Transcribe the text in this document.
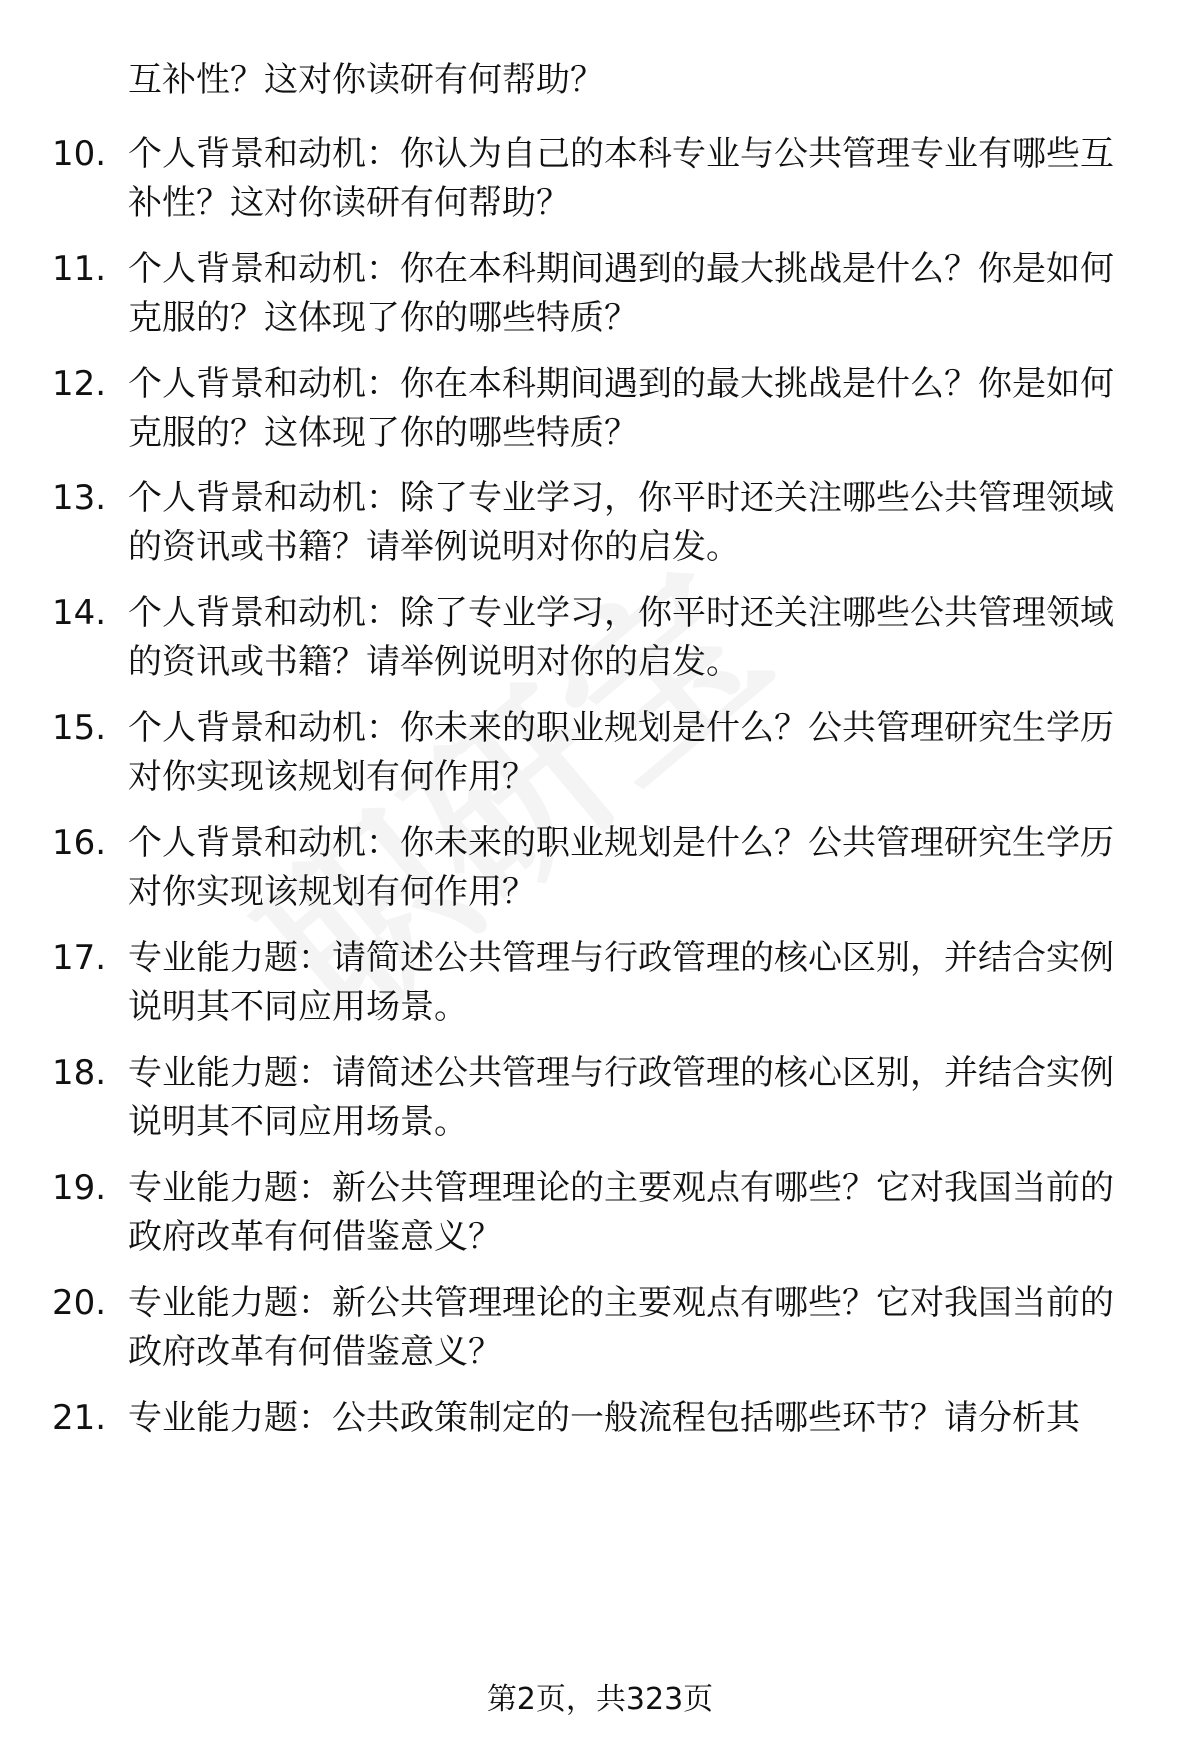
互补性？这对你读研有何帮助？
10. 个人背景和动机：你认为自己的本科专业与公共管理专业有哪些互补性？这对你读研有何帮助？
11. 个人背景和动机：你在本科期间遇到的最大挑战是什么？你是如何克服的？这体现了你的哪些特质？
12. 个人背景和动机：你在本科期间遇到的最大挑战是什么？你是如何克服的？这体现了你的哪些特质？
13. 个人背景和动机：除了专业学习，你平时还关注哪些公共管理领域的资讯或书籍？请举例说明对你的启发。
14. 个人背景和动机：除了专业学习，你平时还关注哪些公共管理领域的资讯或书籍？请举例说明对你的启发。
15. 个人背景和动机：你未来的职业规划是什么？公共管理研究生学历对你实现该规划有何作用？
16. 个人背景和动机：你未来的职业规划是什么？公共管理研究生学历对你实现该规划有何作用？
17. 专业能力题：请简述公共管理与行政管理的核心区别，并结合实例说明其不同应用场景。
18. 专业能力题：请简述公共管理与行政管理的核心区别，并结合实例说明其不同应用场景。
19. 专业能力题：新公共管理理论的主要观点有哪些？它对我国当前的政府改革有何借鉴意义？
20. 专业能力题：新公共管理理论的主要观点有哪些？它对我国当前的政府改革有何借鉴意义？
21. 专业能力题：公共政策制定的一般流程包括哪些环节？请分析其
第2页，共323页
